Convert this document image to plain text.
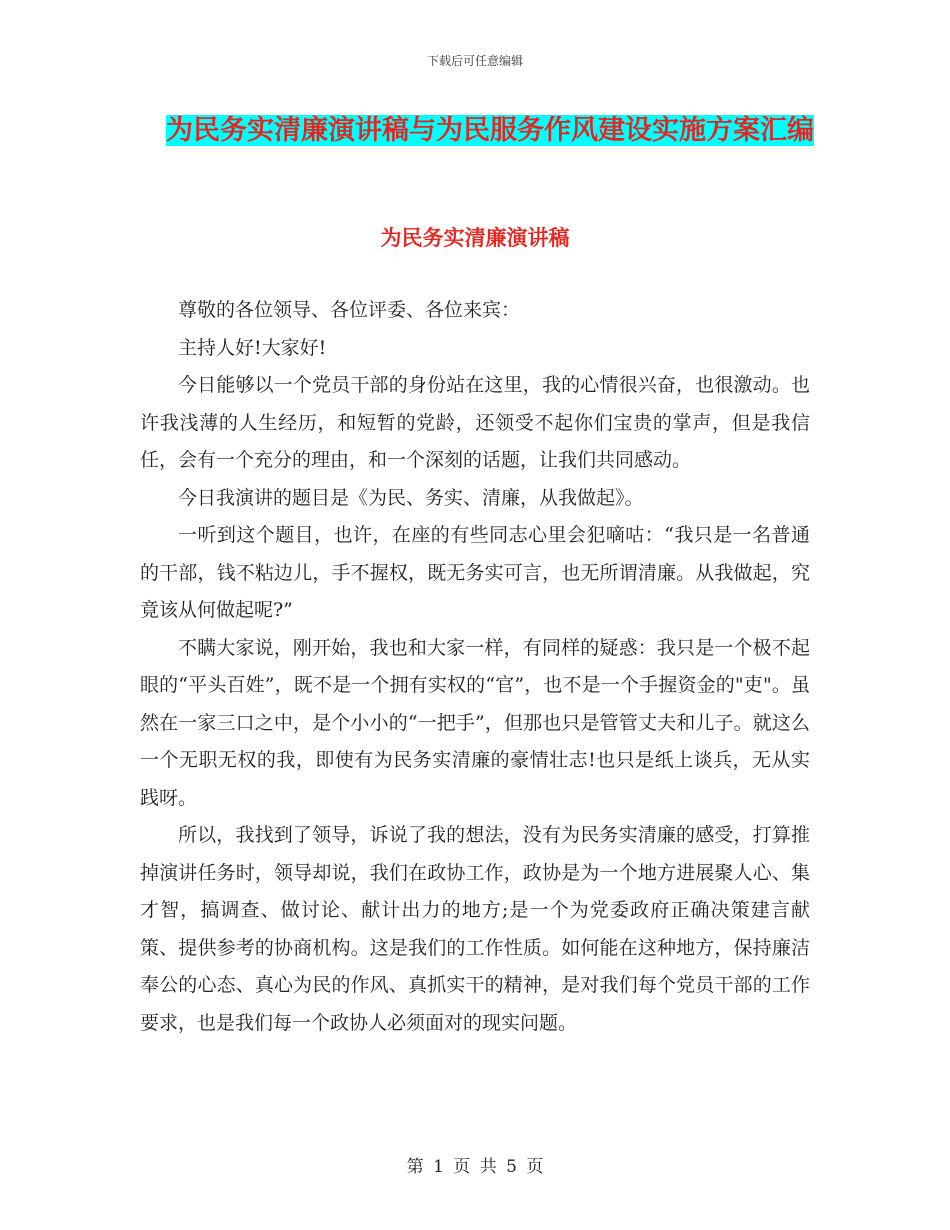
下载后可任意编辑
为民务实清廉演讲稿与为民服务作风建设实施方案汇编
为民务实清廉演讲稿

尊敬的各位领导、各位评委、各位来宾：

主持人好!大家好!

今日能够以一个党员干部的身份站在这里，我的心情很兴奋，也很激动。也许我浅薄的人生经历，和短暂的党龄，还领受不起你们宝贵的掌声，但是我信任，会有一个充分的理由，和一个深刻的话题，让我们共同感动。

今日我演讲的题目是《为民、务实、清廉，从我做起》。

一听到这个题目，也许，在座的有些同志心里会犯嘀咕：“我只是一名普通的干部，钱不粘边儿，手不握权，既无务实可言，也无所谓清廉。从我做起，究竟该从何做起呢?”

不瞒大家说，刚开始，我也和大家一样，有同样的疑惑：我只是一个极不起眼的“平头百姓”，既不是一个拥有实权的“官”，也不是一个手握资金的"吏"。虽然在一家三口之中，是个小小的“一把手”，但那也只是管管丈夫和儿子。就这么一个无职无权的我，即使有为民务实清廉的豪情壮志!也只是纸上谈兵，无从实践呀。

所以，我找到了领导，诉说了我的想法，没有为民务实清廉的感受，打算推掉演讲任务时，领导却说，我们在政协工作，政协是为一个地方进展聚人心、集才智，搞调查、做讨论、献计出力的地方;是一个为党委政府正确决策建言献策、提供参考的协商机构。这是我们的工作性质。如何能在这种地方，保持廉洁奉公的心态、真心为民的作风、真抓实干的精神，是对我们每个党员干部的工作要求，也是我们每一个政协人必须面对的现实问题。

第 1 页 共 5 页
